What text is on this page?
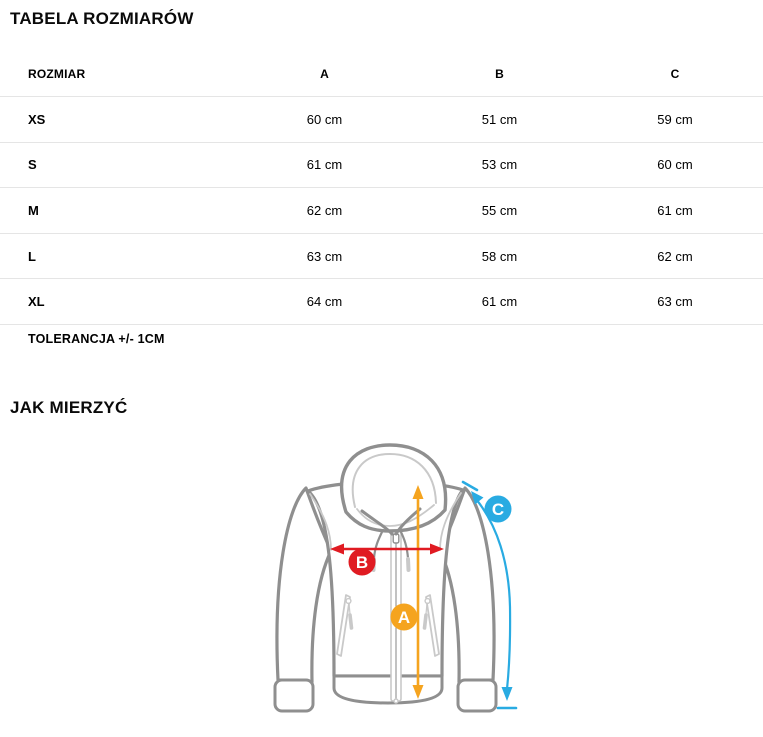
TABELA ROZMIARÓW
ROZMIAR	A	B	C
XS	60 cm	51 cm	59 cm
S	61 cm	53 cm	60 cm
M	62 cm	55 cm	61 cm
L	63 cm	58 cm	62 cm
XL	64 cm	61 cm	63 cm
TOLERANCJA +/- 1CM
JAK MIERZYĆ
A
B
C
